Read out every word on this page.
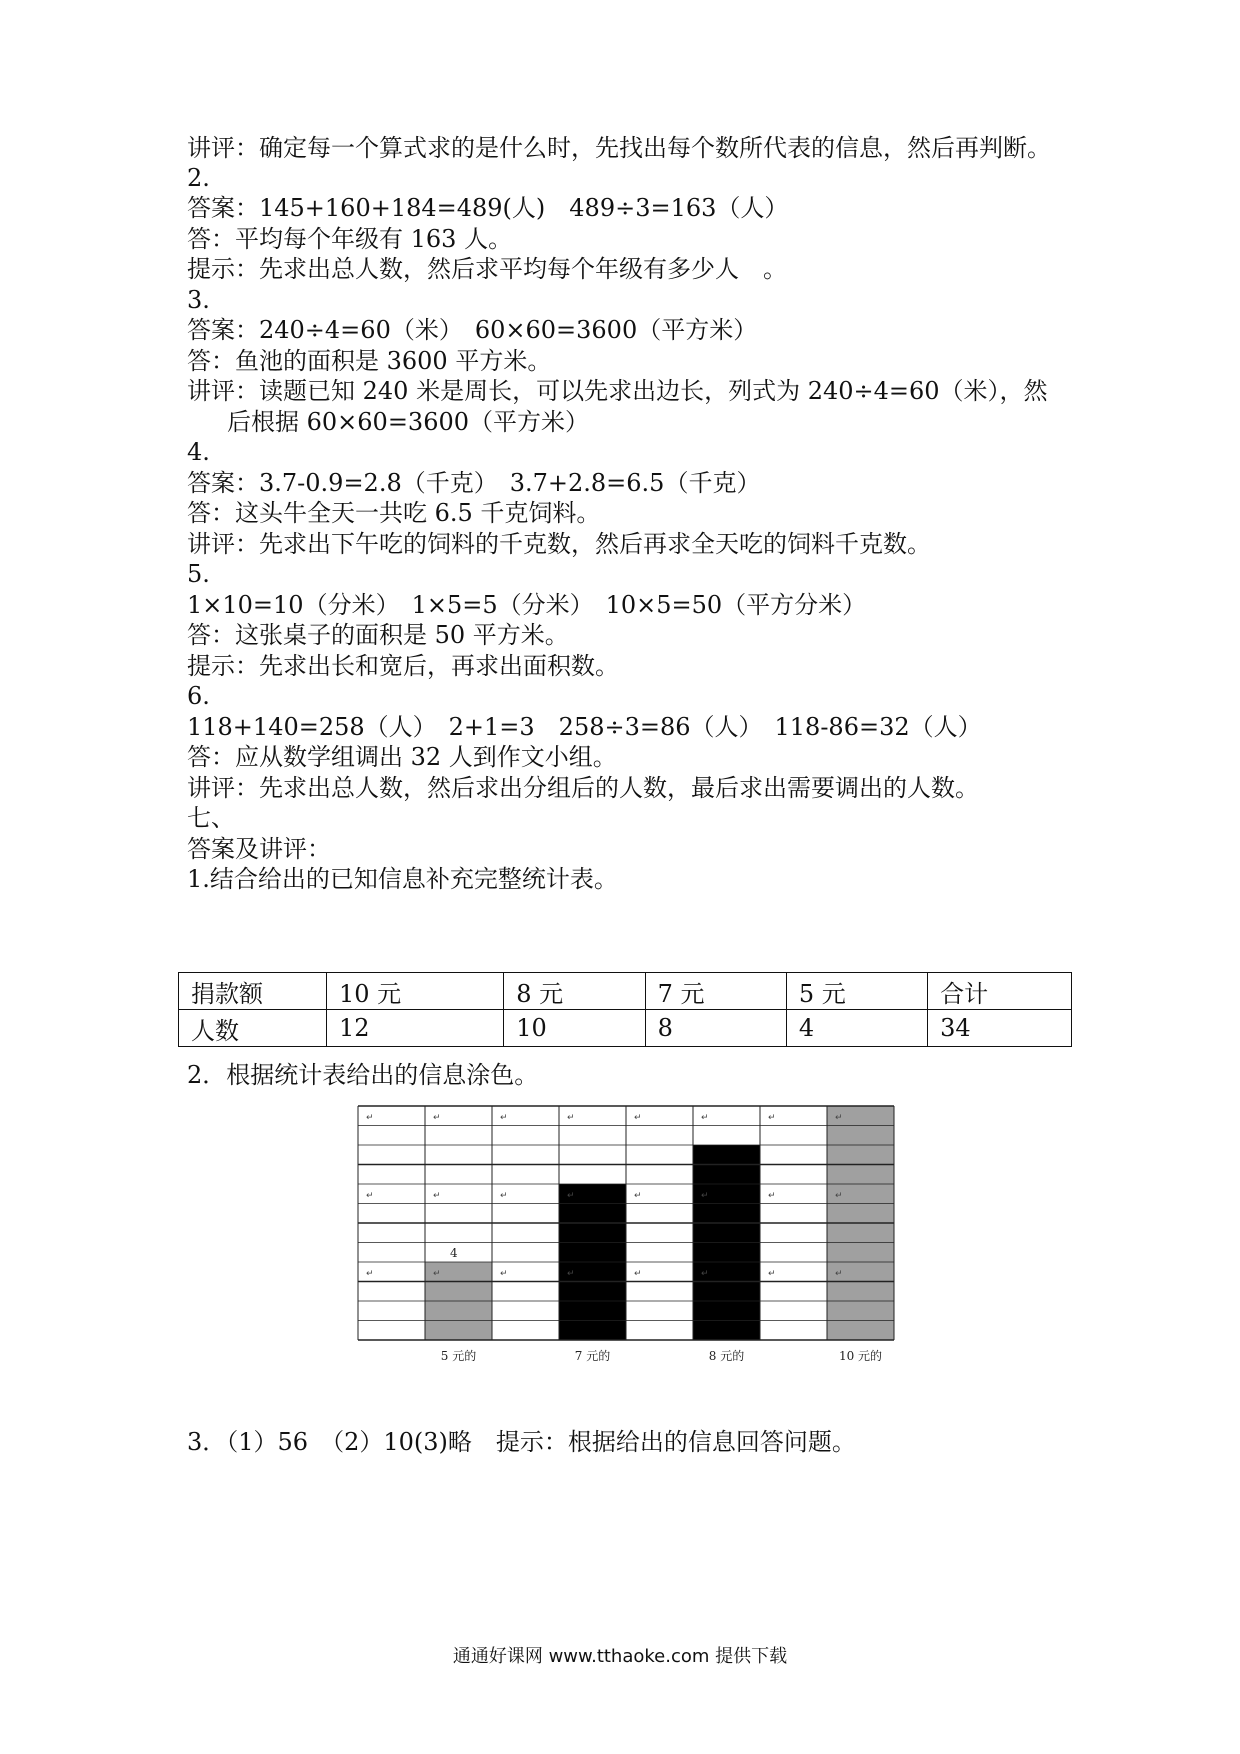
讲评：确定每一个算式求的是什么时，先找出每个数所代表的信息，然后再判断。
2.
答案：145+160+184=489(人)　489÷3=163（人）
答：平均每个年级有 163 人。
提示：先求出总人数，然后求平均每个年级有多少人　。
3.
答案：240÷4=60（米）　60×60=3600（平方米）
答：鱼池的面积是 3600 平方米。
讲评：读题已知 240 米是周长，可以先求出边长，列式为 240÷4=60（米），然
后根据 60×60=3600（平方米）
4.
答案：3.7-0.9=2.8（千克）　3.7+2.8=6.5（千克）
答：这头牛全天一共吃 6.5 千克饲料。
讲评：先求出下午吃的饲料的千克数，然后再求全天吃的饲料千克数。
5.
1×10=10（分米）　1×5=5（分米）　10×5=50（平方分米）
答：这张桌子的面积是 50 平方米。
提示：先求出长和宽后，再求出面积数。
6.
118+140=258（人）　2+1=3　258÷3=86（人）　118-86=32（人）
答：应从数学组调出 32 人到作文小组。
讲评：先求出总人数，然后求出分组后的人数，最后求出需要调出的人数。
七、
答案及讲评：
1.结合给出的已知信息补充完整统计表。
捐款额	10 元	8 元	7 元	5 元	合计
人数	12	10	8	4	34
2．根据统计表给出的信息涂色。
↵	↵	↵	↵	↵	↵	↵	↵
↵	↵	↵	↵	↵	↵	↵	↵
↵	↵	↵	↵	↵	↵	↵	↵
4
5 元的	7 元的	8 元的	10 元的
3．（1）56　（2）10(3)略　提示：根据给出的信息回答问题。
通通好课网 www.tthaoke.com 提供下载
